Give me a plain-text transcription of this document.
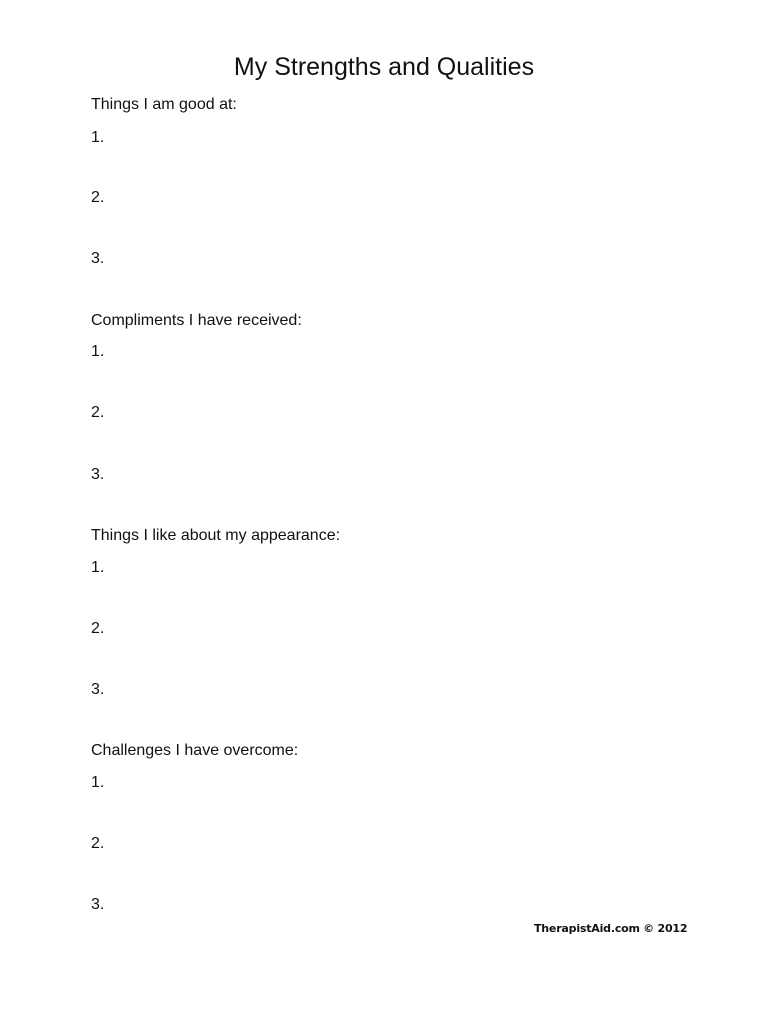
My Strengths and Qualities
Things I am good at:
1.
2.
3.
Compliments I have received:
1.
2.
3.
Things I like about my appearance:
1.
2.
3.
Challenges I have overcome:
1.
2.
3.
TherapistAid.com © 2012
